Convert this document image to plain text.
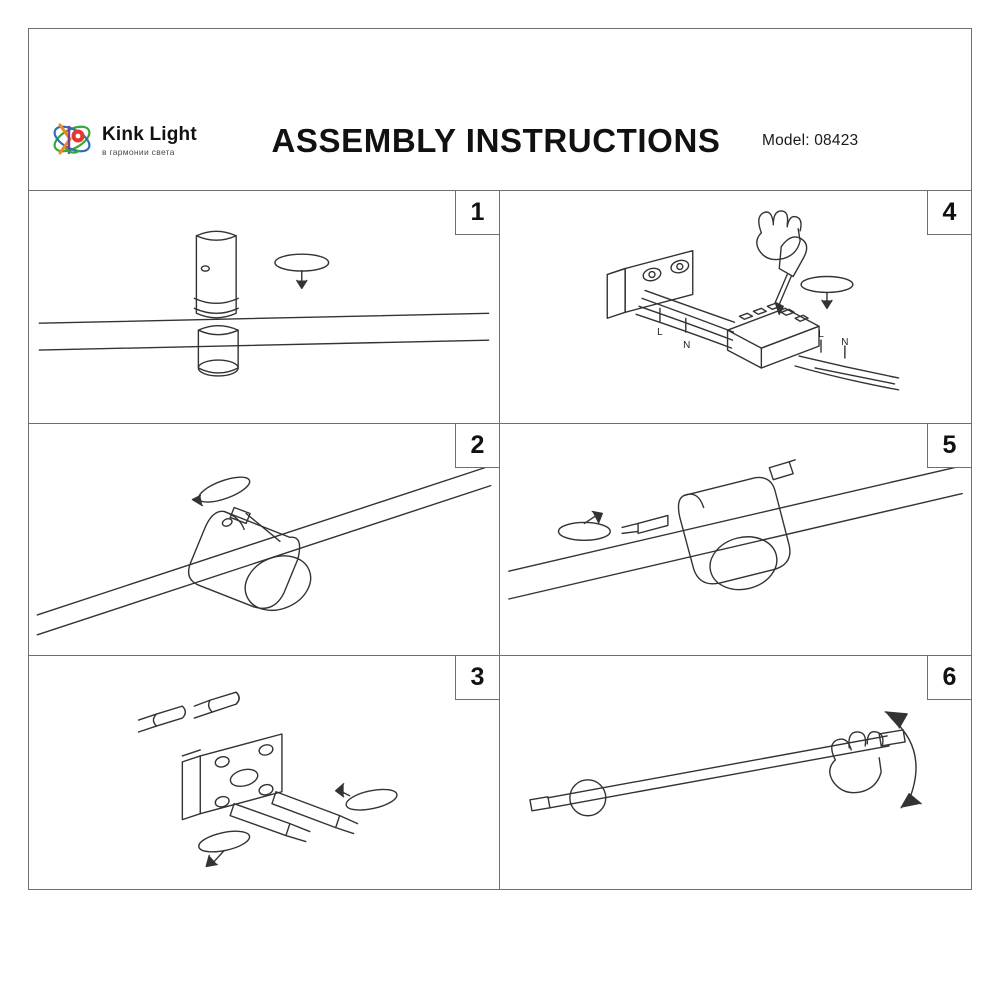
Kink Light
в гармонии света	ASSEMBLY INSTRUCTIONS	Model: 08423
1
L
N
L
N
4
2	5
3	6
